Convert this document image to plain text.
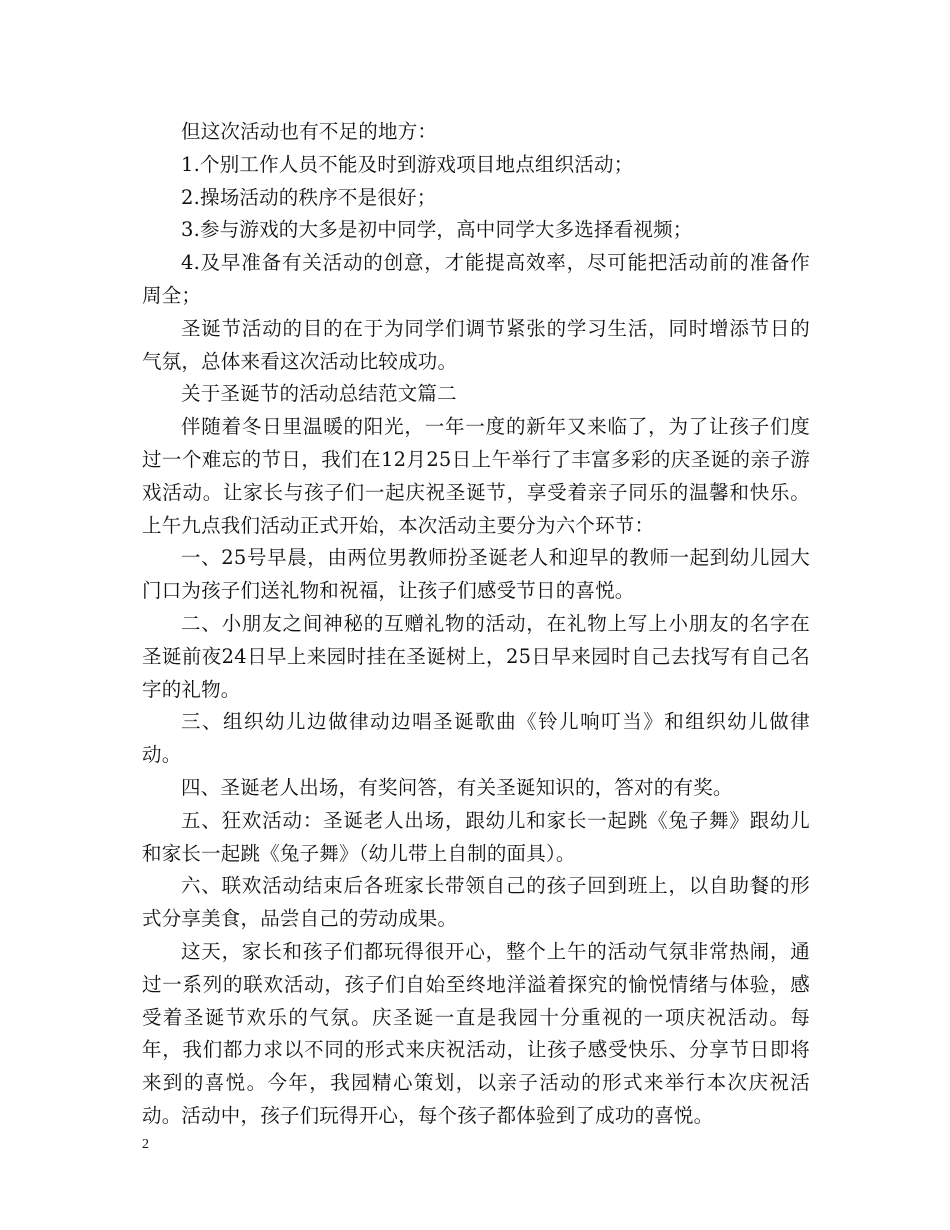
但这次活动也有不足的地方：

1.个别工作人员不能及时到游戏项目地点组织活动；

2.操场活动的秩序不是很好；

3.参与游戏的大多是初中同学，高中同学大多选择看视频；

4.及早准备有关活动的创意，才能提高效率，尽可能把活动前的准备作周全；

圣诞节活动的目的在于为同学们调节紧张的学习生活，同时增添节日的气氛，总体来看这次活动比较成功。

关于圣诞节的活动总结范文篇二

伴随着冬日里温暖的阳光，一年一度的新年又来临了，为了让孩子们度过一个难忘的节日，我们在12月25日上午举行了丰富多彩的庆圣诞的亲子游戏活动。让家长与孩子们一起庆祝圣诞节，享受着亲子同乐的温馨和快乐。上午九点我们活动正式开始，本次活动主要分为六个环节：

一、25号早晨，由两位男教师扮圣诞老人和迎早的教师一起到幼儿园大门口为孩子们送礼物和祝福，让孩子们感受节日的喜悦。

二、小朋友之间神秘的互赠礼物的活动，在礼物上写上小朋友的名字在圣诞前夜24日早上来园时挂在圣诞树上，25日早来园时自己去找写有自己名字的礼物。

三、组织幼儿边做律动边唱圣诞歌曲《铃儿响叮当》和组织幼儿做律动。

四、圣诞老人出场，有奖问答，有关圣诞知识的，答对的有奖。

五、狂欢活动：圣诞老人出场，跟幼儿和家长一起跳《兔子舞》跟幼儿和家长一起跳《兔子舞》（幼儿带上自制的面具）。

六、联欢活动结束后各班家长带领自己的孩子回到班上，以自助餐的形式分享美食，品尝自己的劳动成果。

这天，家长和孩子们都玩得很开心，整个上午的活动气氛非常热闹，通过一系列的联欢活动，孩子们自始至终地洋溢着探究的愉悦情绪与体验，感受着圣诞节欢乐的气氛。庆圣诞一直是我园十分重视的一项庆祝活动。每年，我们都力求以不同的形式来庆祝活动，让孩子感受快乐、分享节日即将来到的喜悦。今年，我园精心策划，以亲子活动的形式来举行本次庆祝活动。活动中，孩子们玩得开心，每个孩子都体验到了成功的喜悦。

2
